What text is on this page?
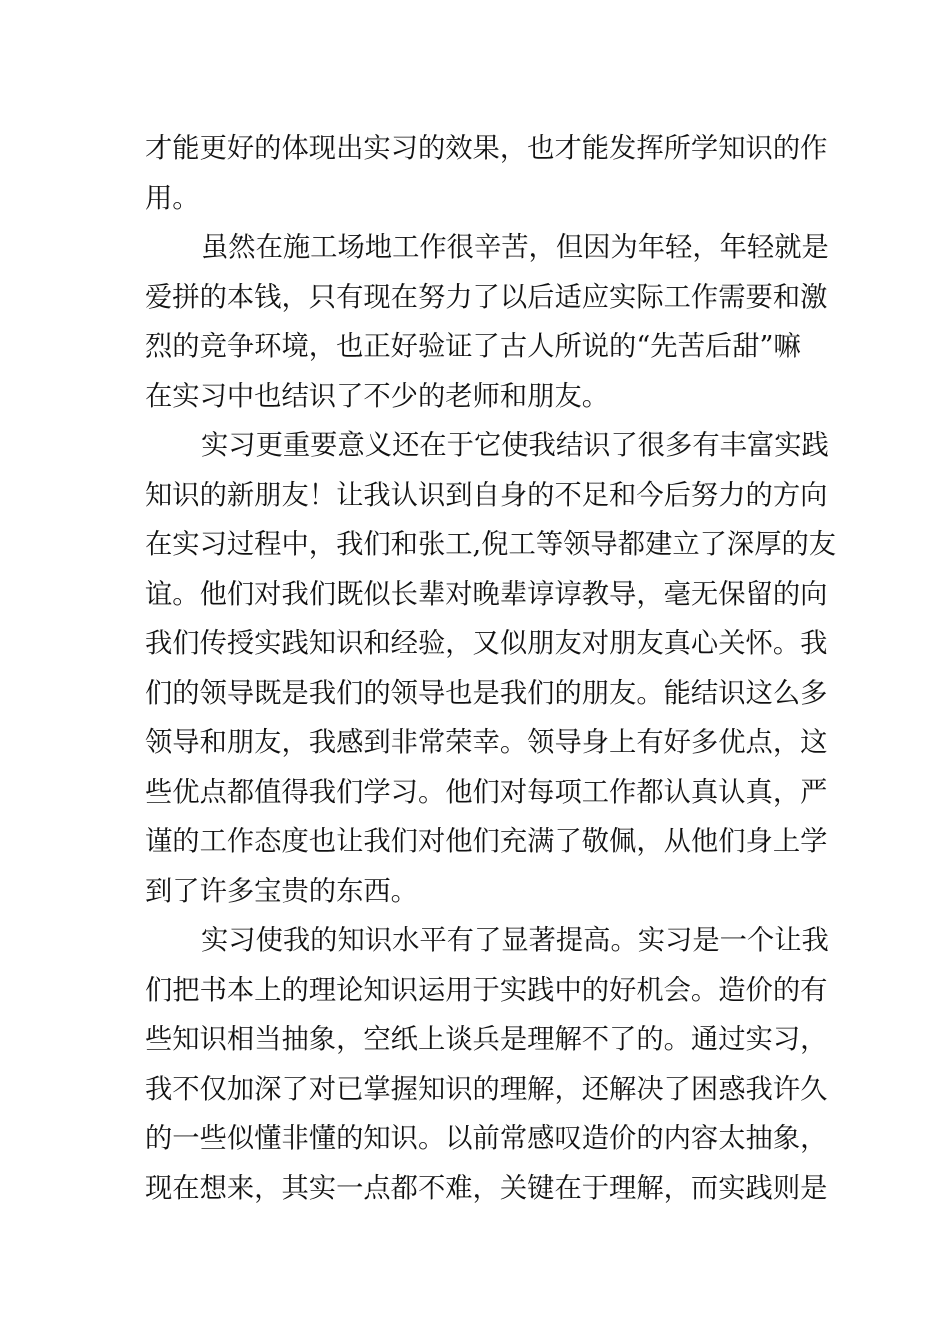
才能更好的体现出实习的效果，也才能发挥所学知识的作
用。
虽然在施工场地工作很辛苦，但因为年轻，年轻就是
爱拼的本钱，只有现在努力了以后适应实际工作需要和激
烈的竞争环境，也正好验证了古人所说的“先苦后甜”嘛
在实习中也结识了不少的老师和朋友。
实习更重要意义还在于它使我结识了很多有丰富实践
知识的新朋友！让我认识到自身的不足和今后努力的方向
在实习过程中，我们和张工,倪工等领导都建立了深厚的友
谊。他们对我们既似长辈对晚辈谆谆教导，毫无保留的向
我们传授实践知识和经验，又似朋友对朋友真心关怀。我
们的领导既是我们的领导也是我们的朋友。能结识这么多
领导和朋友，我感到非常荣幸。领导身上有好多优点，这
些优点都值得我们学习。他们对每项工作都认真认真，严
谨的工作态度也让我们对他们充满了敬佩，从他们身上学
到了许多宝贵的东西。
实习使我的知识水平有了显著提高。实习是一个让我
们把书本上的理论知识运用于实践中的好机会。造价的有
些知识相当抽象，空纸上谈兵是理解不了的。通过实习，
我不仅加深了对已掌握知识的理解，还解决了困惑我许久
的一些似懂非懂的知识。以前常感叹造价的内容太抽象，
现在想来，其实一点都不难，关键在于理解，而实践则是
